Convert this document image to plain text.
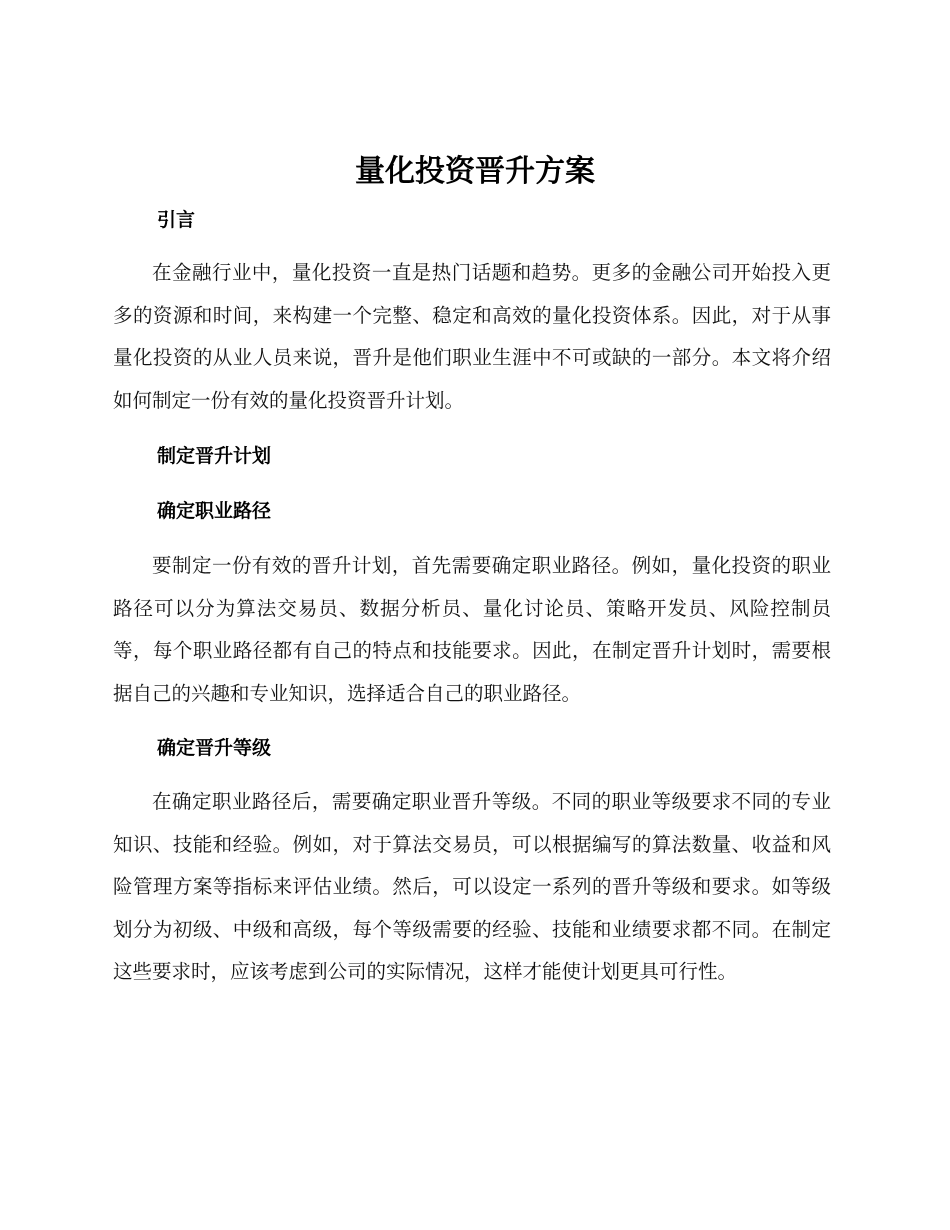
量化投资晋升方案
引言

在金融行业中，量化投资一直是热门话题和趋势。更多的金融公司开始投入更多的资源和时间，来构建一个完整、稳定和高效的量化投资体系。因此，对于从事量化投资的从业人员来说，晋升是他们职业生涯中不可或缺的一部分。本文将介绍如何制定一份有效的量化投资晋升计划。

制定晋升计划
确定职业路径

要制定一份有效的晋升计划，首先需要确定职业路径。例如，量化投资的职业路径可以分为算法交易员、数据分析员、量化讨论员、策略开发员、风险控制员等，每个职业路径都有自己的特点和技能要求。因此，在制定晋升计划时，需要根据自己的兴趣和专业知识，选择适合自己的职业路径。

确定晋升等级

在确定职业路径后，需要确定职业晋升等级。不同的职业等级要求不同的专业知识、技能和经验。例如，对于算法交易员，可以根据编写的算法数量、收益和风险管理方案等指标来评估业绩。然后，可以设定一系列的晋升等级和要求。如等级划分为初级、中级和高级，每个等级需要的经验、技能和业绩要求都不同。在制定这些要求时，应该考虑到公司的实际情况，这样才能使计划更具可行性。
